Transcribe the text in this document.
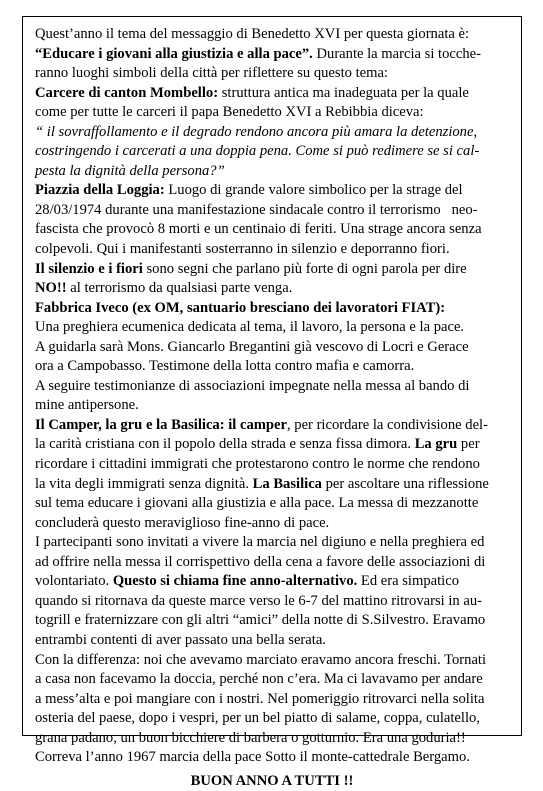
Quest’anno il tema del messaggio di Benedetto XVI per questa giornata è:
“Educare i giovani alla giustizia e alla pace”. Durante la marcia si tocche-
ranno luoghi simboli della città per riflettere su questo tema:
Carcere di canton Mombello: struttura antica ma inadeguata per la quale
come per tutte le carceri il papa Benedetto XVI a Rebibbia diceva:
“ il sovraffollamento e il degrado rendono ancora più amara la detenzione,
costringendo i carcerati a una doppia pena. Come si può redimere se si cal-
pesta la dignità della persona?”
Piazzia della Loggia: Luogo di grande valore simbolico per la strage del
28/03/1974 durante una manifestazione sindacale contro il terrorismo   neo-
fascista che provocò 8 morti e un centinaio di feriti. Una strage ancora senza
colpevoli. Qui i manifestanti sosterranno in silenzio e deporranno fiori.
Il silenzio e i fiori sono segni che parlano più forte di ogni parola per dire
NO!! al terrorismo da qualsiasi parte venga.
Fabbrica Iveco (ex OM, santuario bresciano dei lavoratori FIAT):
Una preghiera ecumenica dedicata al tema, il lavoro, la persona e la pace.
A guidarla sarà Mons. Giancarlo Bregantini già vescovo di Locri e Gerace
ora a Campobasso. Testimone della lotta contro mafia e camorra.
A seguire testimonianze di associazioni impegnate nella messa al bando di
mine antipersone.
Il Camper, la gru e la Basilica: il camper, per ricordare la condivisione del-
la carità cristiana con il popolo della strada e senza fissa dimora. La gru per
ricordare i cittadini immigrati che protestarono contro le norme che rendono
la vita degli immigrati senza dignità. La Basilica per ascoltare una riflessione
sul tema educare i giovani alla giustizia e alla pace. La messa di mezzanotte
concluderà questo meraviglioso fine-anno di pace.
I partecipanti sono invitati a vivere la marcia nel digiuno e nella preghiera ed
ad offrire nella messa il corrispettivo della cena a favore delle associazioni di
volontariato. Questo si chiama fine anno-alternativo. Ed era simpatico
quando si ritornava da queste marce verso le 6-7 del mattino ritrovarsi in au-
togrill e fraternizzare con gli altri “amici” della notte di S.Silvestro. Eravamo
entrambi contenti di aver passato una bella serata.
Con la differenza: noi che avevamo marciato eravamo ancora freschi. Tornati
a casa non facevamo la doccia, perché non c’era. Ma ci lavavamo per andare
a mess’alta e poi mangiare con i nostri. Nel pomeriggio ritrovarci nella solita
osteria del paese, dopo i vespri, per un bel piatto di salame, coppa, culatello,
grana padano, un buon bicchiere di barbera o gotturnio. Era una goduria!!
Correva l’anno 1967 marcia della pace Sotto il monte-cattedrale Bergamo.
BUON ANNO A TUTTI !!
